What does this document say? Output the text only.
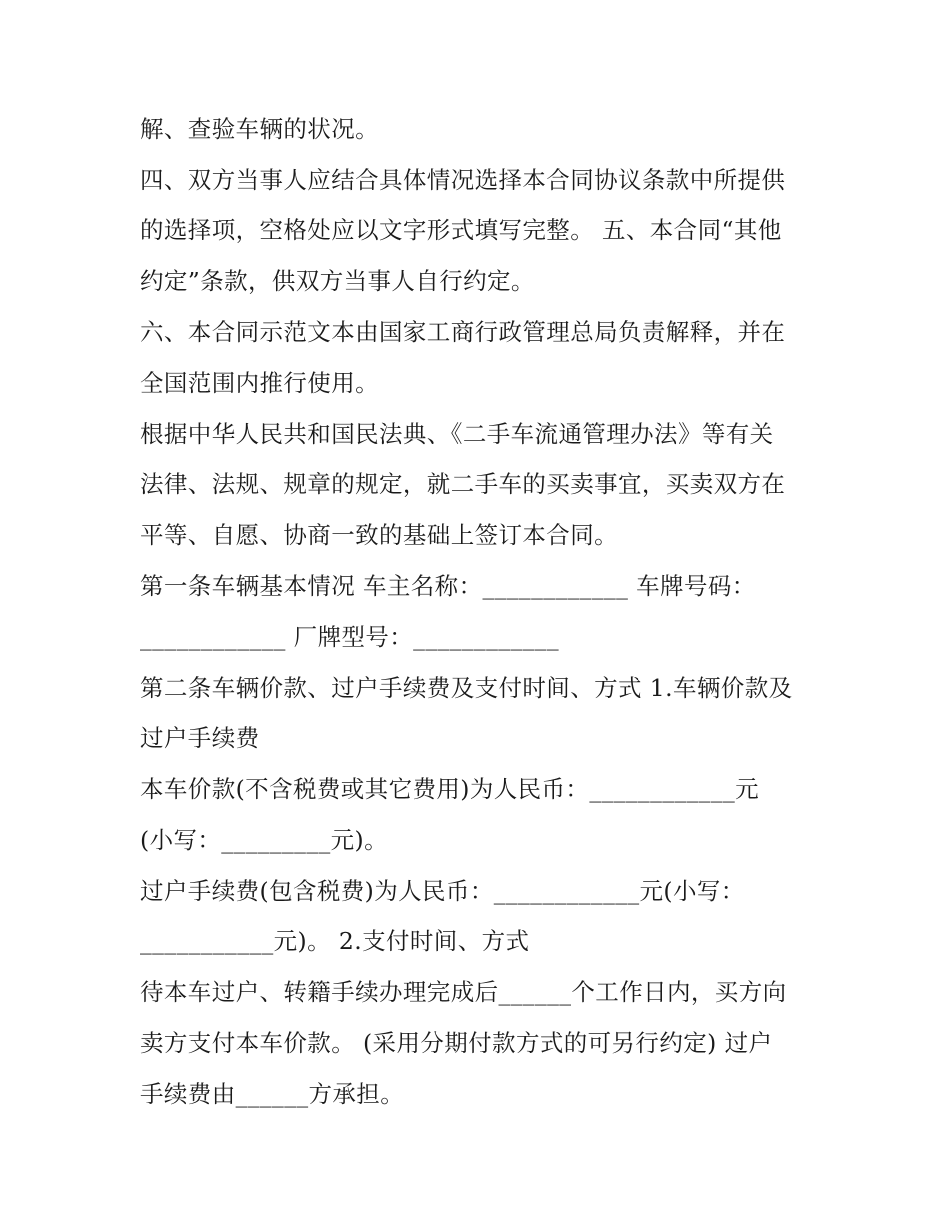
解、查验车辆的状况。
四、双方当事人应结合具体情况选择本合同协议条款中所提供
的选择项，空格处应以文字形式填写完整。 五、本合同“其他
约定”条款，供双方当事人自行约定。
六、本合同示范文本由国家工商行政管理总局负责解释，并在
全国范围内推行使用。
根据中华人民共和国民法典、《二手车流通管理办法》等有关
法律、法规、规章的规定，就二手车的买卖事宜，买卖双方在
平等、自愿、协商一致的基础上签订本合同。
第一条车辆基本情况 车主名称：____________ 车牌号码：
____________ 厂牌型号：____________
第二条车辆价款、过户手续费及支付时间、方式 1.车辆价款及
过户手续费
本车价款(不含税费或其它费用)为人民币：____________元
(小写：_________元)。
过户手续费(包含税费)为人民币：____________元(小写：
___________元)。 2.支付时间、方式
待本车过户、转籍手续办理完成后______个工作日内，买方向
卖方支付本车价款。 (采用分期付款方式的可另行约定) 过户
手续费由______方承担。
